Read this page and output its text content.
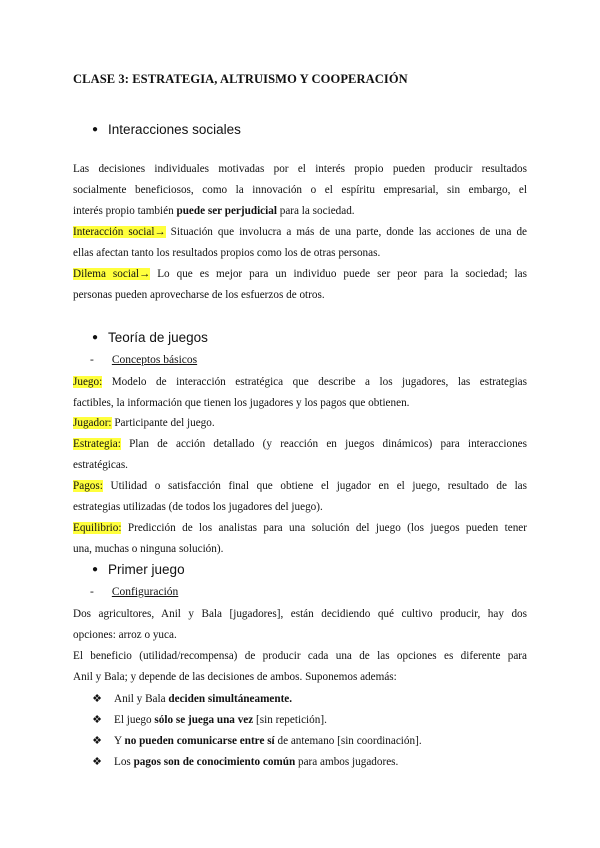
CLASE 3: ESTRATEGIA, ALTRUISMO Y COOPERACIÓN
● Interacciones sociales

Las decisiones individuales motivadas por el interés propio pueden producir resultados
socialmente beneficiosos, como la innovación o el espíritu empresarial, sin embargo, el
interés propio también puede ser perjudicial para la sociedad.

Interacción social→ Situación que involucra a más de una parte, donde las acciones de una de
ellas afectan tanto los resultados propios como los de otras personas.

Dilema social→ Lo que es mejor para un individuo puede ser peor para la sociedad; las
personas pueden aprovecharse de los esfuerzos de otros.

● Teoría de juegos
- Conceptos básicos

Juego: Modelo de interacción estratégica que describe a los jugadores, las estrategias
factibles, la información que tienen los jugadores y los pagos que obtienen.

Jugador: Participante del juego.

Estrategia: Plan de acción detallado (y reacción en juegos dinámicos) para interacciones
estratégicas.

Pagos: Utilidad o satisfacción final que obtiene el jugador en el juego, resultado de las
estrategias utilizadas (de todos los jugadores del juego).

Equilibrio: Predicción de los analistas para una solución del juego (los juegos pueden tener
una, muchas o ninguna solución).

● Primer juego
- Configuración

Dos agricultores, Anil y Bala [jugadores], están decidiendo qué cultivo producir, hay dos
opciones: arroz o yuca.

El beneficio (utilidad/recompensa) de producir cada una de las opciones es diferente para
Anil y Bala; y depende de las decisiones de ambos. Suponemos además:

❖ Anil y Bala deciden simultáneamente.
❖ El juego sólo se juega una vez [sin repetición].
❖ Y no pueden comunicarse entre sí de antemano [sin coordinación].
❖ Los pagos son de conocimiento común para ambos jugadores.
